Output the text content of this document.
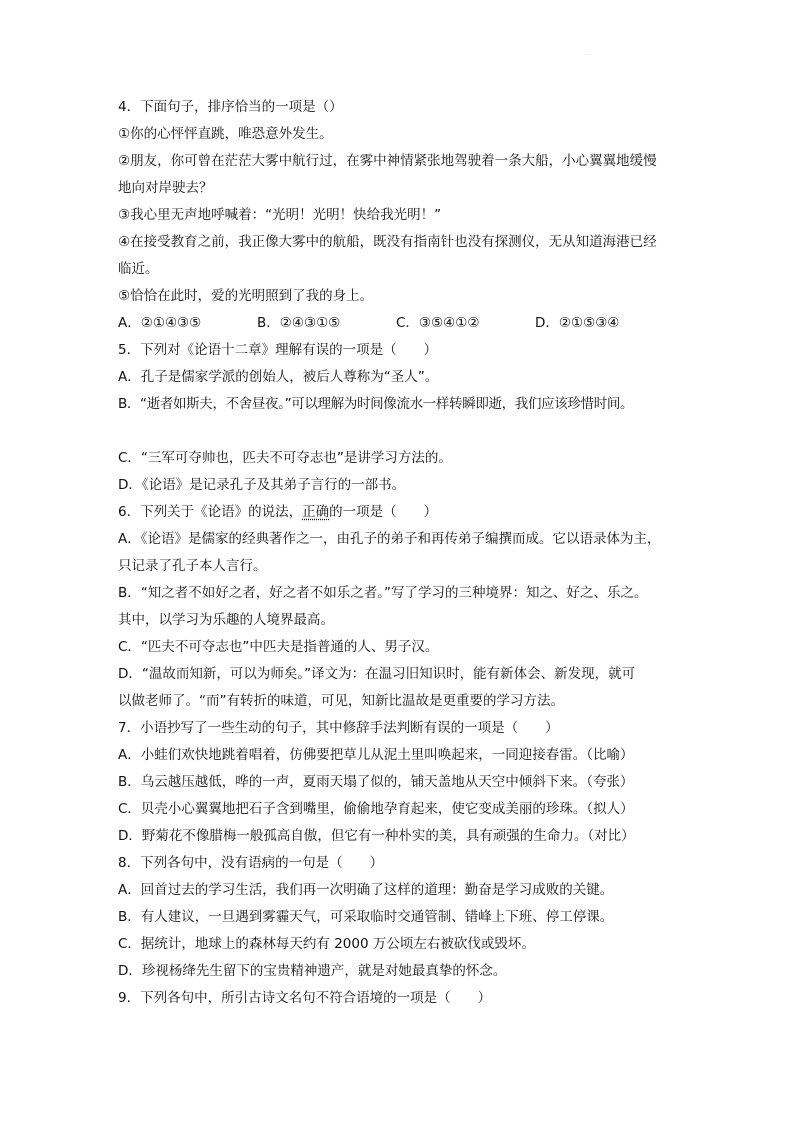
·
4．下面句子，排序恰当的一项是（）
①你的心怦怦直跳，唯恐意外发生。
②朋友，你可曾在茫茫大雾中航行过，在雾中神情紧张地驾驶着一条大船，小心翼翼地缓慢
地向对岸驶去？
③我心里无声地呼喊着：“光明！光明！快给我光明！”
④在接受教育之前，我正像大雾中的航船，既没有指南针也没有探测仪，无从知道海港已经
临近。
⑤恰恰在此时，爱的光明照到了我的身上。
A．②①④③⑤	B．②④③①⑤	C．③⑤④①②	D．②①⑤③④
5．下列对《论语十二章》理解有误的一项是（　　）
A．孔子是儒家学派的创始人，被后人尊称为“圣人”。
B．“逝者如斯夫，不舍昼夜。”可以理解为时间像流水一样转瞬即逝，我们应该珍惜时间。
C．“三军可夺帅也，匹夫不可夺志也”是讲学习方法的。
D．《论语》是记录孔子及其弟子言行的一部书。
6．下列关于《论语》的说法，正确的一项是（　　）
A．《论语》是儒家的经典著作之一，由孔子的弟子和再传弟子编撰而成。它以语录体为主，
只记录了孔子本人言行。
B．“知之者不如好之者，好之者不如乐之者。”写了学习的三种境界：知之、好之、乐之。
其中，以学习为乐趣的人境界最高。
C．“匹夫不可夺志也”中匹夫是指普通的人、男子汉。
D．“温故而知新，可以为师矣。”译文为：在温习旧知识时，能有新体会、新发现，就可
以做老师了。“而”有转折的味道，可见，知新比温故是更重要的学习方法。
7．小语抄写了一些生动的句子，其中修辞手法判断有误的一项是（　　）
A．小蛙们欢快地跳着唱着，仿佛要把草儿从泥土里叫唤起来，一同迎接春雷。（比喻）
B．乌云越压越低，哗的一声，夏雨天塌了似的，铺天盖地从天空中倾斜下来。（夸张）
C．贝壳小心翼翼地把石子含到嘴里，偷偷地孕育起来，使它变成美丽的珍珠。（拟人）
D．野菊花不像腊梅一般孤高自傲，但它有一种朴实的美，具有顽强的生命力。（对比）
8．下列各句中，没有语病的一句是（　　）
A．回首过去的学习生活，我们再一次明确了这样的道理：勤奋是学习成败的关键。
B．有人建议，一旦遇到雾霾天气，可采取临时交通管制、错峰上下班、停工停课。
C．据统计，地球上的森林每天约有 2000 万公顷左右被砍伐或毁坏。
D．珍视杨绛先生留下的宝贵精神遗产，就是对她最真挚的怀念。
9．下列各句中，所引古诗文名句不符合语境的一项是（　　）
